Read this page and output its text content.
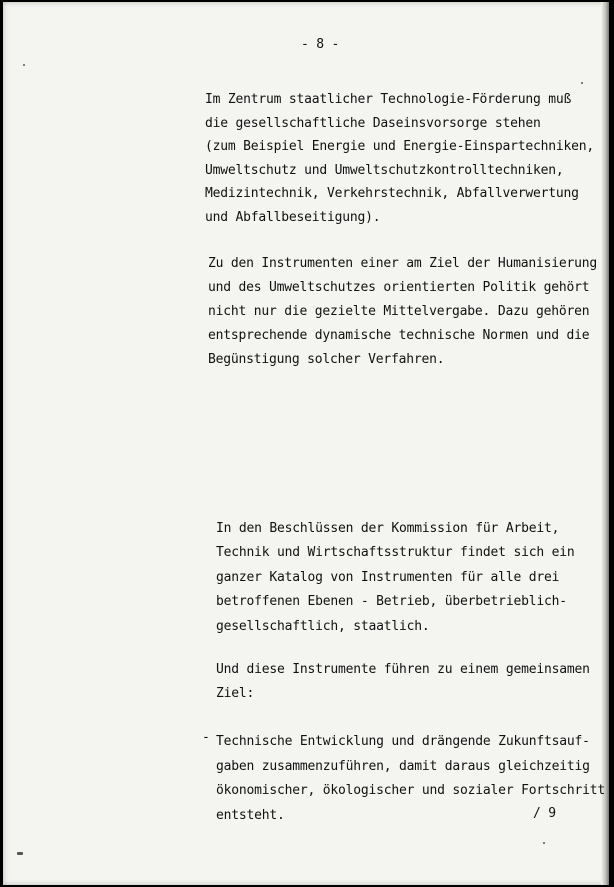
- 8 -
Im Zentrum staatlicher Technologie-Förderung muß
die gesellschaftliche Daseinsvorsorge stehen
(zum Beispiel Energie und Energie-Einspartechniken,
Umweltschutz und Umweltschutzkontrolltechniken,
Medizintechnik, Verkehrstechnik, Abfallverwertung
und Abfallbeseitigung).
Zu den Instrumenten einer am Ziel der Humanisierung
und des Umweltschutzes orientierten Politik gehört
nicht nur die gezielte Mittelvergabe. Dazu gehören
entsprechende dynamische technische Normen und die
Begünstigung solcher Verfahren.
In den Beschlüssen der Kommission für Arbeit,
Technik und Wirtschaftsstruktur findet sich ein
ganzer Katalog von Instrumenten für alle drei
betroffenen Ebenen - Betrieb, überbetrieblich-
gesellschaftlich, staatlich.
Und diese Instrumente führen zu einem gemeinsamen
Ziel:
- Technische Entwicklung und drängende Zukunftsauf-
gaben zusammenzuführen, damit daraus gleichzeitig
ökonomischer, ökologischer und sozialer Fortschritt
entsteht.	/ 9
